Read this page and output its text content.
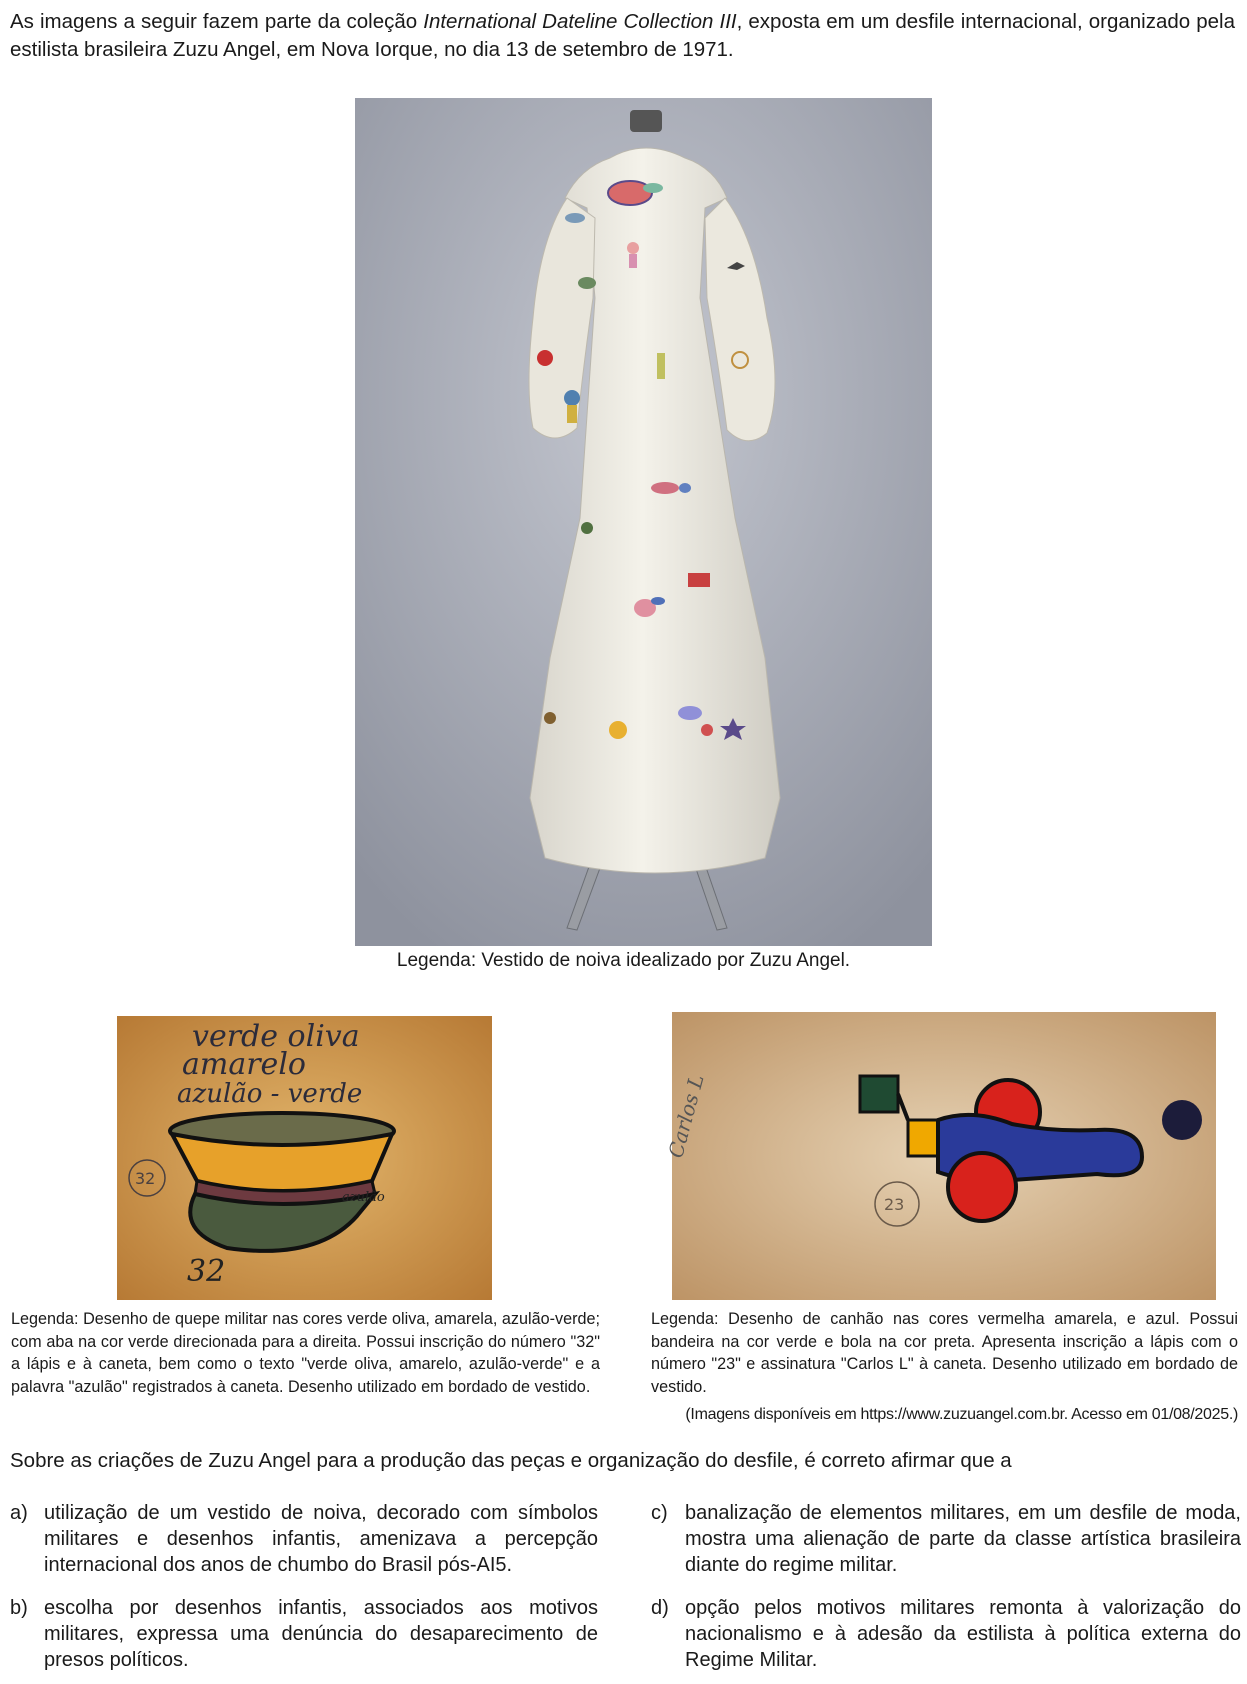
As imagens a seguir fazem parte da coleção International Dateline Collection III, exposta em um desfile internacional, organizado pela estilista brasileira Zuzu Angel, em Nova Iorque, no dia 13 de setembro de 1971.
Legenda: Vestido de noiva idealizado por Zuzu Angel.
verde oliva
amarelo
azulão - verde
32
32
azulão
Carlos L
23
Legenda: Desenho de quepe militar nas cores verde oliva, amarela, azulão-verde; com aba na cor verde direcionada para a direita. Possui inscrição do número "32" a lápis e à caneta, bem como o texto "verde oliva, amarelo, azulão-verde" e a palavra "azulão" registrados à caneta. Desenho utilizado em bordado de vestido.
Legenda: Desenho de canhão nas cores vermelha amarela, e azul. Possui bandeira na cor verde e bola na cor preta. Apresenta inscrição a lápis com o número "23" e assinatura "Carlos L" à caneta. Desenho utilizado em bordado de vestido.
(Imagens disponíveis em https://www.zuzuangel.com.br. Acesso em 01/08/2025.)
Sobre as criações de Zuzu Angel para a produção das peças e organização do desfile, é correto afirmar que a
a) utilização de um vestido de noiva, decorado com símbolos militares e desenhos infantis, amenizava a percepção internacional dos anos de chumbo do Brasil pós-AI5.
b) escolha por desenhos infantis, associados aos motivos militares, expressa uma denúncia do desaparecimento de presos políticos.
c) banalização de elementos militares, em um desfile de moda, mostra uma alienação de parte da classe artística brasileira diante do regime militar.
d) opção pelos motivos militares remonta à valorização do nacionalismo e à adesão da estilista à política externa do Regime Militar.
